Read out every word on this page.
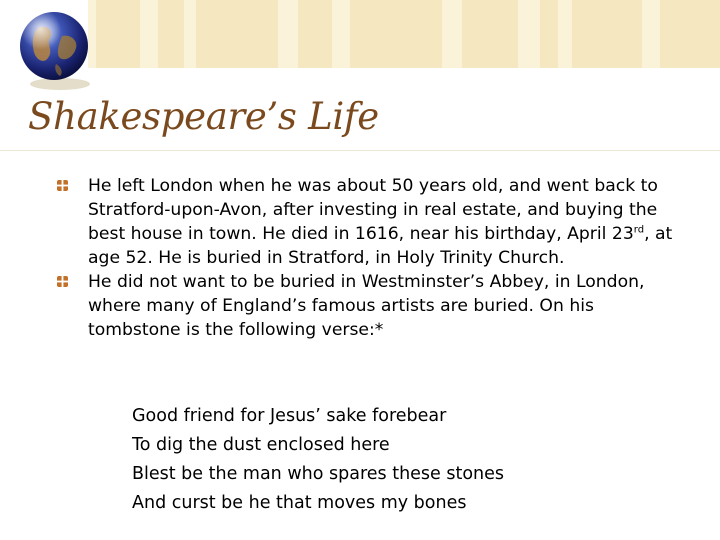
Shakespeare’s Life

He left London when he was about 50 years old, and went back to Stratford-upon-Avon, after investing in real estate, and buying the best house in town. He died in 1616, near his birthday, April 23rd, at age 52. He is buried in Stratford, in Holy Trinity Church.

He did not want to be buried in Westminster’s Abbey, in London, where many of England’s famous artists are buried. On his tombstone is the following verse:*

Good friend for Jesus’ sake forebear
To dig the dust enclosed here
Blest be the man who spares these stones
And curst be he that moves my bones
